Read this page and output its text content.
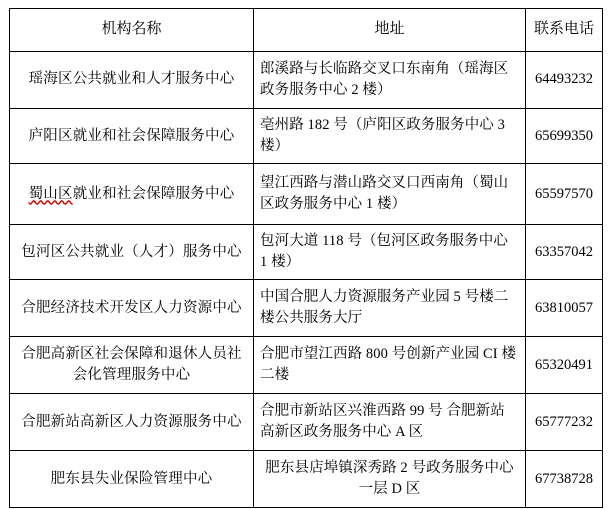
机构名称	地址	联系电话
瑶海区公共就业和人才服务中心	郎溪路与长临路交叉口东南角（瑶海区政务服务中心 2 楼）	64493232
庐阳区就业和社会保障服务中心	亳州路 182 号（庐阳区政务服务中心 3 楼）	65699350
蜀山区就业和社会保障服务中心	望江西路与潜山路交叉口西南角（蜀山区政务服务中心 1 楼）	65597570
包河区公共就业（人才）服务中心	包河大道 118 号（包河区政务服务中心 1 楼）	63357042
合肥经济技术开发区人力资源中心	中国合肥人力资源服务产业园 5 号楼二楼公共服务大厅	63810057
合肥高新区社会保障和退休人员社会化管理服务中心	合肥市望江西路 800 号创新产业园 CI 楼二楼	65320491
合肥新站高新区人力资源服务中心	合肥市新站区兴淮西路 99 号 合肥新站高新区政务服务中心 A 区	65777232
肥东县失业保险管理中心	肥东县店埠镇深秀路 2 号政务服务中心一层 D 区	67738728
